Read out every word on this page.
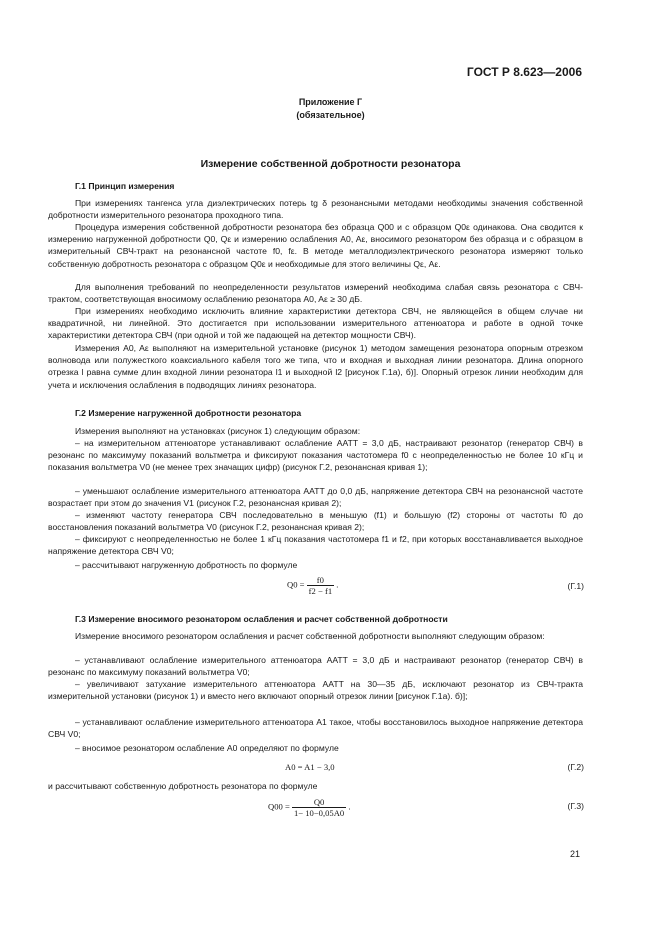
ГОСТ Р 8.623—2006
Приложение Г
(обязательное)
Измерение собственной добротности резонатора
Г.1 Принцип измерения

При измерениях тангенса угла диэлектрических потерь tg δ резонансными методами необходимы значения собственной добротности измерительного резонатора проходного типа.

Процедура измерения собственной добротности резонатора без образца Q00 и с образцом Q0ε одинакова. Она сводится к измерению нагруженной добротности Q0, Qε и измерению ослабления A0, Aε, вносимого резонатором без образца и с образцом в измерительный СВЧ-тракт на резонансной частоте f0, fε. В методе металлодиэлектрического резонатора измеряют только собственную добротность резонатора с образцом Q0ε и необходимые для этого величины Qε, Aε.

Для выполнения требований по неопределенности результатов измерений необходима слабая связь резонатора с СВЧ-трактом, соответствующая вносимому ослаблению резонатора A0, Aε ≥ 30 дБ.

При измерениях необходимо исключить влияние характеристики детектора СВЧ, не являющейся в общем случае ни квадратичной, ни линейной. Это достигается при использовании измерительного аттенюатора и работе в одной точке характеристики детектора СВЧ (при одной и той же падающей на детектор мощности СВЧ).

Измерения A0, Aε выполняют на измерительной установке (рисунок 1) методом замещения резонатора опорным отрезком волновода или полужесткого коаксиального кабеля того же типа, что и входная и выходная линии резонатора. Длина опорного отрезка l равна сумме длин входной линии резонатора l1 и выходной l2 [рисунок Г.1а), б)]. Опорный отрезок линии необходим для учета и исключения ослабления в подводящих линиях резонатора.

Г.2 Измерение нагруженной добротности резонатора

Измерения выполняют на установках (рисунок 1) следующим образом:

– на измерительном аттенюаторе устанавливают ослабление AATT = 3,0 дБ, настраивают резонатор (генератор СВЧ) в резонанс по максимуму показаний вольтметра и фиксируют показания частотомера f0 с неопределенностью не более 10 кГц и показания вольтметра V0 (не менее трех значащих цифр) (рисунок Г.2, резонансная кривая 1);

– уменьшают ослабление измерительного аттенюатора AATT до 0,0 дБ, напряжение детектора СВЧ на резонансной частоте возрастает при этом до значения V1 (рисунок Г.2, резонансная кривая 2);

– изменяют частоту генератора СВЧ последовательно в меньшую (f1) и большую (f2) стороны от частоты f0 до восстановления показаний вольтметра V0 (рисунок Г.2, резонансная кривая 2);

– фиксируют с неопределенностью не более 1 кГц показания частотомера f1 и f2, при которых восстанавливается выходное напряжение детектора СВЧ V0;

– рассчитывают нагруженную добротность по формуле

$Q0 = \frac{f0}{f2 - f1}$ .	(Г.1)
Г.3 Измерение вносимого резонатором ослабления и расчет собственной добротности

Измерение вносимого резонатором ослабления и расчет собственной добротности выполняют следующим образом:

– устанавливают ослабление измерительного аттенюатора AATT = 3,0 дБ и настраивают резонатор (генератор СВЧ) в резонанс по максимуму показаний вольтметра V0;

– увеличивают затухание измерительного аттенюатора AATT на 30—35 дБ, исключают резонатор из СВЧ-тракта измерительной установки (рисунок 1) и вместо него включают опорный отрезок линии [рисунок Г.1а). б)];

– устанавливают ослабление измерительного аттенюатора A1 такое, чтобы восстановилось выходное напряжение детектора СВЧ V0;

– вносимое резонатором ослабление A0 определяют по формуле

A0 = A1 − 3,0	(Г.2)

и рассчитывают собственную добротность резонатора по формуле

$Q00 = \frac{Q0}{1- 10-0,05A0}$ .	(Г.3)
21
